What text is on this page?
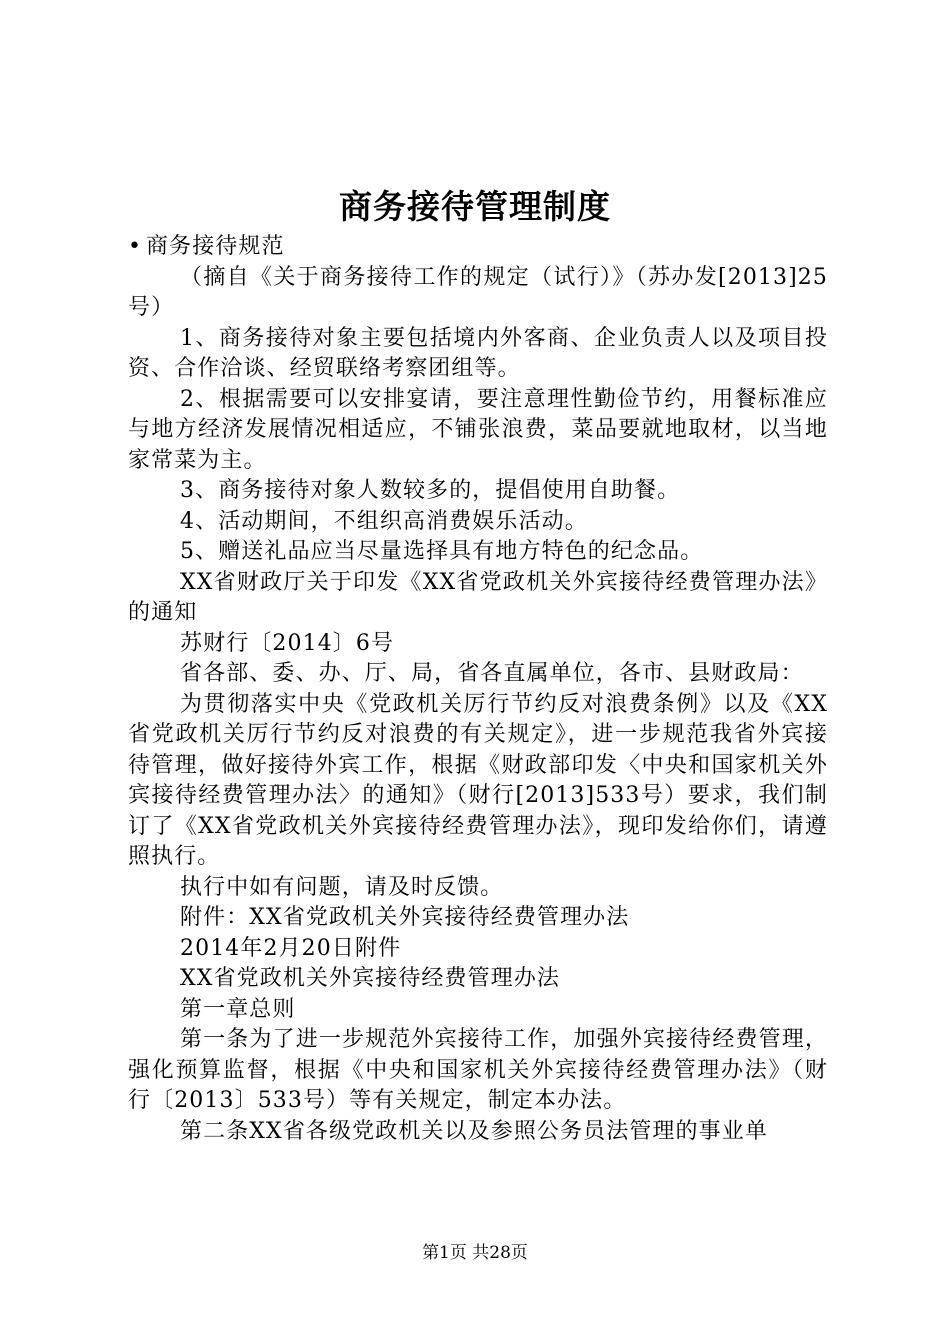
商务接待管理制度

• 商务接待规范

（摘自《关于商务接待工作的规定（试行）》（苏办发[2013]25号）

1、商务接待对象主要包括境内外客商、企业负责人以及项目投资、合作洽谈、经贸联络考察团组等。

2、根据需要可以安排宴请，要注意理性勤俭节约，用餐标准应与地方经济发展情况相适应，不铺张浪费，菜品要就地取材，以当地家常菜为主。

3、商务接待对象人数较多的，提倡使用自助餐。

4、活动期间，不组织高消费娱乐活动。

5、赠送礼品应当尽量选择具有地方特色的纪念品。

XX省财政厅关于印发《XX省党政机关外宾接待经费管理办法》的通知

苏财行〔2014〕6号

省各部、委、办、厅、局，省各直属单位，各市、县财政局：

为贯彻落实中央《党政机关厉行节约反对浪费条例》以及《XX省党政机关厉行节约反对浪费的有关规定》，进一步规范我省外宾接待管理，做好接待外宾工作，根据《财政部印发〈中央和国家机关外宾接待经费管理办法〉的通知》（财行[2013]533号）要求，我们制订了《XX省党政机关外宾接待经费管理办法》，现印发给你们，请遵照执行。

执行中如有问题，请及时反馈。

附件：XX省党政机关外宾接待经费管理办法

2014年2月20日附件

XX省党政机关外宾接待经费管理办法

第一章总则

第一条为了进一步规范外宾接待工作，加强外宾接待经费管理，强化预算监督，根据《中央和国家机关外宾接待经费管理办法》（财行〔2013〕533号）等有关规定，制定本办法。

第二条XX省各级党政机关以及参照公务员法管理的事业单

第1页 共28页
